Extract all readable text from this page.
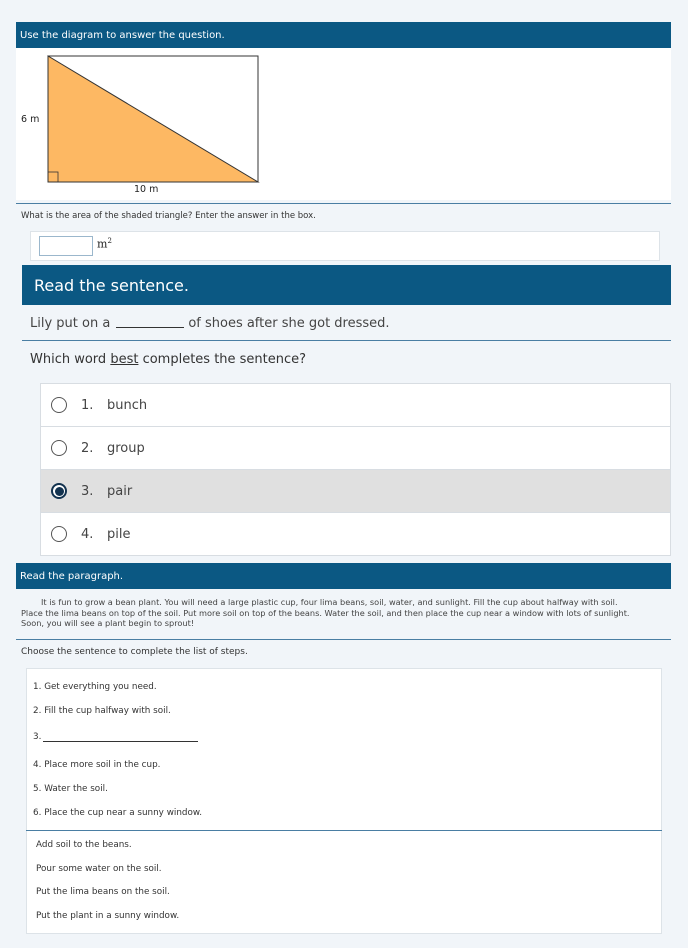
Use the diagram to answer the question.
6 m
10 m
What is the area of the shaded triangle? Enter the answer in the box.
$m^2$
Read the sentence.
Lily put on a	of shoes after she got dressed.
Which word best completes the sentence?
1.	bunch
2.	group
3.	pair
4.	pile
Read the paragraph.
It is fun to grow a bean plant. You will need a large plastic cup, four lima beans, soil, water, and sunlight. Fill the cup about halfway with soil.
Place the lima beans on top of the soil. Put more soil on top of the beans. Water the soil, and then place the cup near a window with lots of sunlight.
Soon, you will see a plant begin to sprout!
Choose the sentence to complete the list of steps.
1. Get everything you need.
2. Fill the cup halfway with soil.
3.
4. Place more soil in the cup.
5. Water the soil.
6. Place the cup near a sunny window.
Add soil to the beans.
Pour some water on the soil.
Put the lima beans on the soil.
Put the plant in a sunny window.
